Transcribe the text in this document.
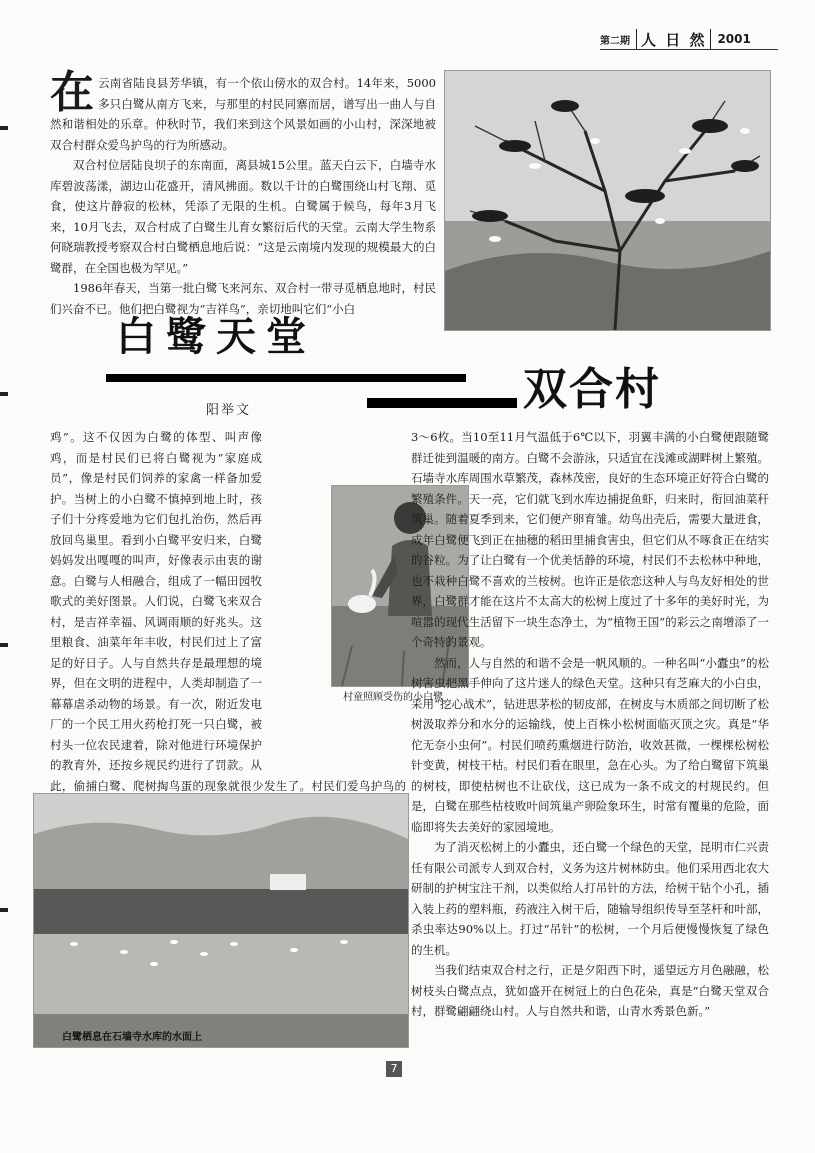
第二期 人 日 然 2001
在 云南省陆良县芳华镇，有一个依山傍水的双合村。14年来，5000多只白鹭从南方飞来，与那里的村民同寨而居，谱写出一曲人与自然和谐相处的乐章。仲秋时节，我们来到这个风景如画的小山村，深深地被双合村群众爱鸟护鸟的行为所感动。

双合村位居陆良坝子的东南面，离县城15公里。蓝天白云下，白墙寺水库碧波荡漾，湖边山花盛开，清风拂面。数以千计的白鹭围绕山村飞翔、觅食，使这片静寂的松林，凭添了无限的生机。白鹭属于候鸟，每年3月飞来，10月飞去，双合村成了白鹭生儿育女繁衍后代的天堂。云南大学生物系何晓瑞教授考察双合村白鹭栖息地后说：“这是云南境内发现的规模最大的白鹭群，在全国也极为罕见。”

1986年春天，当第一批白鹭飞来河东、双合村一带寻觅栖息地时，村民们兴奋不已。他们把白鹭视为“吉祥鸟”，亲切地叫它们“小白

白鹭天堂
双合村
阳举文

鸡”。这不仅因为白鹭的体型、叫声像鸡，而是村民们已将白鹭视为“家庭成员”，像是村民们饲养的家禽一样备加爱护。当树上的小白鹭不慎掉到地上时，孩子们十分疼爱地为它们包扎治伤，然后再放回鸟巢里。看到小白鹭平安归来，白鹭妈妈发出嘎嘎的叫声，好像表示由衷的谢意。白鹭与人相融合，组成了一幅田园牧歌式的美好图景。人们说，白鹭飞来双合村，是吉祥幸福、风调雨顺的好兆头。这里粮食、油菜年年丰收，村民们过上了富足的好日子。人与自然共存是最理想的境界，但在文明的进程中，人类却制造了一幕幕虐杀动物的场景。有一次，附近发电厂的一个民工用火药枪打死一只白鹭，被村头一位农民逮着，除对他进行环境保护的教育外，还按乡规民约进行了罚款。从此，偷捕白鹭、爬树掏鸟蛋的现象就很少发生了。村民们爱鸟护鸟的

村童照顾受伤的小白鹭
白鹭栖息在石墙寺水库的水面上

3～6枚。当10至11月气温低于6℃以下，羽翼丰满的小白鹭便跟随鹭群迁徙到温暖的南方。白鹭不会游泳，只适宜在浅滩或湖畔树上繁殖。石墙寺水库周围水草繁茂，森林茂密，良好的生态环境正好符合白鹭的繁殖条件。天一亮，它们就飞到水库边捕捉鱼虾，归来时，衔回油菜秆筑巢。随着夏季到来，它们便产卵育雏。幼鸟出壳后，需要大量进食，成年白鹭便飞到正在抽穗的稻田里捕食害虫，但它们从不啄食正在结实的谷粒。为了让白鹭有一个优美恬静的环境，村民们不去松林中种地，也不栽种白鹭不喜欢的兰桉树。也许正是依恋这种人与鸟友好相处的世界，白鹭群才能在这片不太高大的松树上度过了十多年的美好时光，为喧嚣的现代生活留下一块生态净土，为“植物王国”的彩云之南增添了一个奇特的景观。

然而，人与自然的和谐不会是一帆风顺的。一种名叫“小蠹虫”的松树害虫把黑手伸向了这片迷人的绿色天堂。这种只有芝麻大的小白虫，采用“挖心战术”，钻进思茅松的韧皮部，在树皮与木质部之间切断了松树汲取养分和水分的运输线，使上百株小松树面临灭顶之灾。真是“华佗无奈小虫何”。村民们喷药熏烟进行防治，收效甚微，一棵棵松树松针变黄，树枝干枯。村民们看在眼里，急在心头。为了给白鹭留下筑巢的树枝，即使枯树也不让砍伐，这已成为一条不成文的村规民约。但是，白鹭在那些枯枝败叶间筑巢产卵险象环生，时常有覆巢的危险，面临即将失去美好的家园境地。

为了消灭松树上的小蠹虫，还白鹭一个绿色的天堂，昆明市仁兴责任有限公司派专人到双合村，义务为这片树林防虫。他们采用西北农大研制的护树宝注干剂，以类似给人打吊针的方法，给树干钻个小孔，插入装上药的塑料瓶，药液注入树干后，随输导组织传导至茎杆和叶部，杀虫率达90%以上。打过“吊针”的松树，一个月后便慢慢恢复了绿色的生机。

当我们结束双合村之行，正是夕阳西下时，遥望远方月色融融，松树枝头白鹭点点，犹如盛开在树冠上的白色花朵，真是“白鹭天堂双合村，群鹭翩翩绕山村。人与自然共和谐，山青水秀景色新。”

7
